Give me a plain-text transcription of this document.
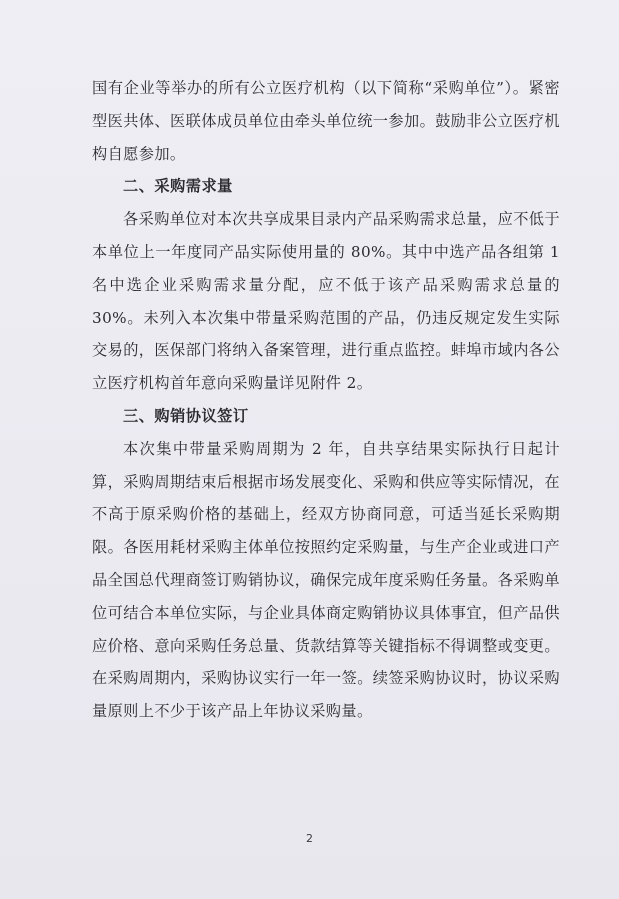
国有企业等举办的所有公立医疗机构（以下简称“采购单位”）。紧密型医共体、医联体成员单位由牵头单位统一参加。鼓励非公立医疗机构自愿参加。

二、采购需求量

各采购单位对本次共享成果目录内产品采购需求总量，应不低于本单位上一年度同产品实际使用量的 80%。其中中选产品各组第 1 名中选企业采购需求量分配，应不低于该产品采购需求总量的 30%。未列入本次集中带量采购范围的产品，仍违反规定发生实际交易的，医保部门将纳入备案管理，进行重点监控。蚌埠市域内各公立医疗机构首年意向采购量详见附件 2。

三、购销协议签订

本次集中带量采购周期为 2 年，自共享结果实际执行日起计算，采购周期结束后根据市场发展变化、采购和供应等实际情况，在不高于原采购价格的基础上，经双方协商同意，可适当延长采购期限。各医用耗材采购主体单位按照约定采购量，与生产企业或进口产品全国总代理商签订购销协议，确保完成年度采购任务量。各采购单位可结合本单位实际，与企业具体商定购销协议具体事宜，但产品供应价格、意向采购任务总量、货款结算等关键指标不得调整或变更。在采购周期内，采购协议实行一年一签。续签采购协议时，协议采购量原则上不少于该产品上年协议采购量。

2
